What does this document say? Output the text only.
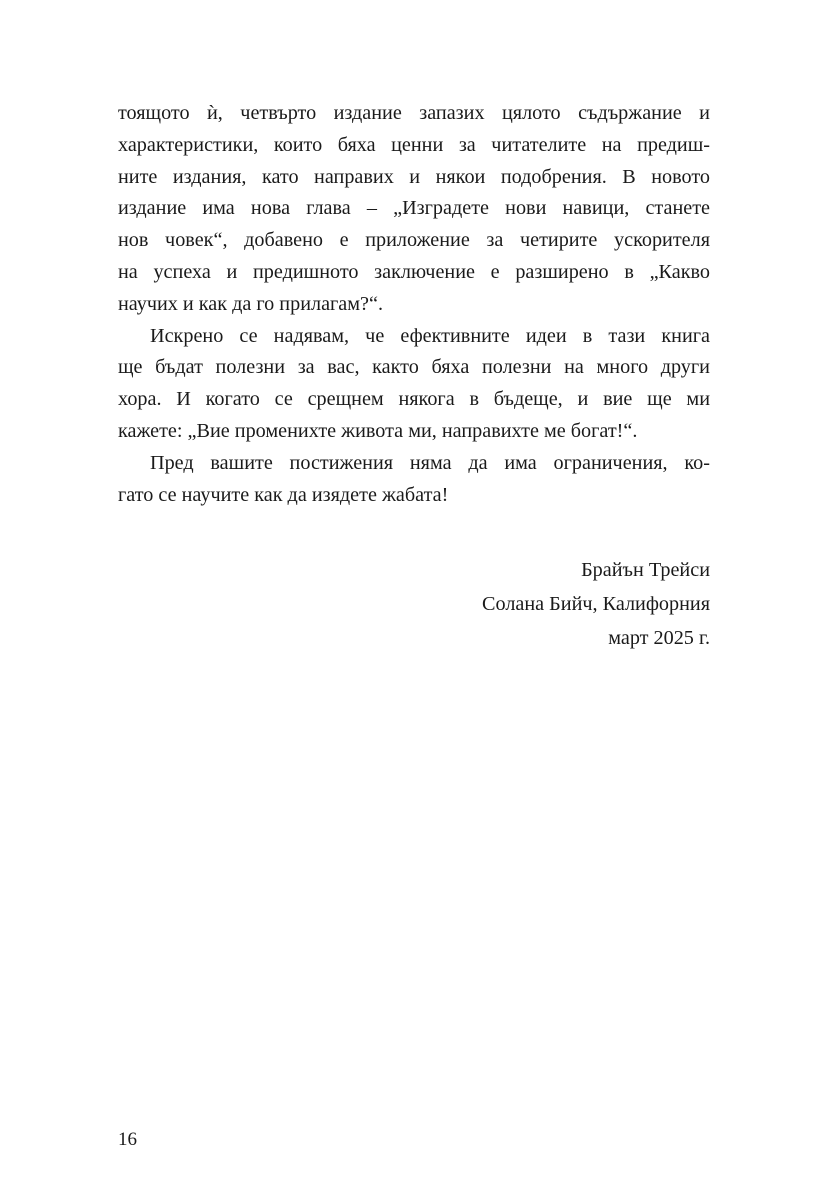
тоящото ѝ, четвърто издание запазих цялото съдържание и
характеристики, които бяха ценни за читателите на предиш-
ните издания, като направих и някои подобрения. В новото
издание има нова глава – „Изградете нови навици, станете
нов човек“, добавено е приложение за четирите ускорителя
на успеха и предишното заключение е разширено в „Какво
научих и как да го прилагам?“.
Искрено се надявам, че ефективните идеи в тази книга
ще бъдат полезни за вас, както бяха полезни на много други
хора. И когато се срещнем някога в бъдеще, и вие ще ми
кажете: „Вие променихте живота ми, направихте ме богат!“.
Пред вашите постижения няма да има ограничения, ко-
гато се научите как да изядете жабата!
Брайън Трейси
Солана Бийч, Калифорния
март 2025 г.
16
